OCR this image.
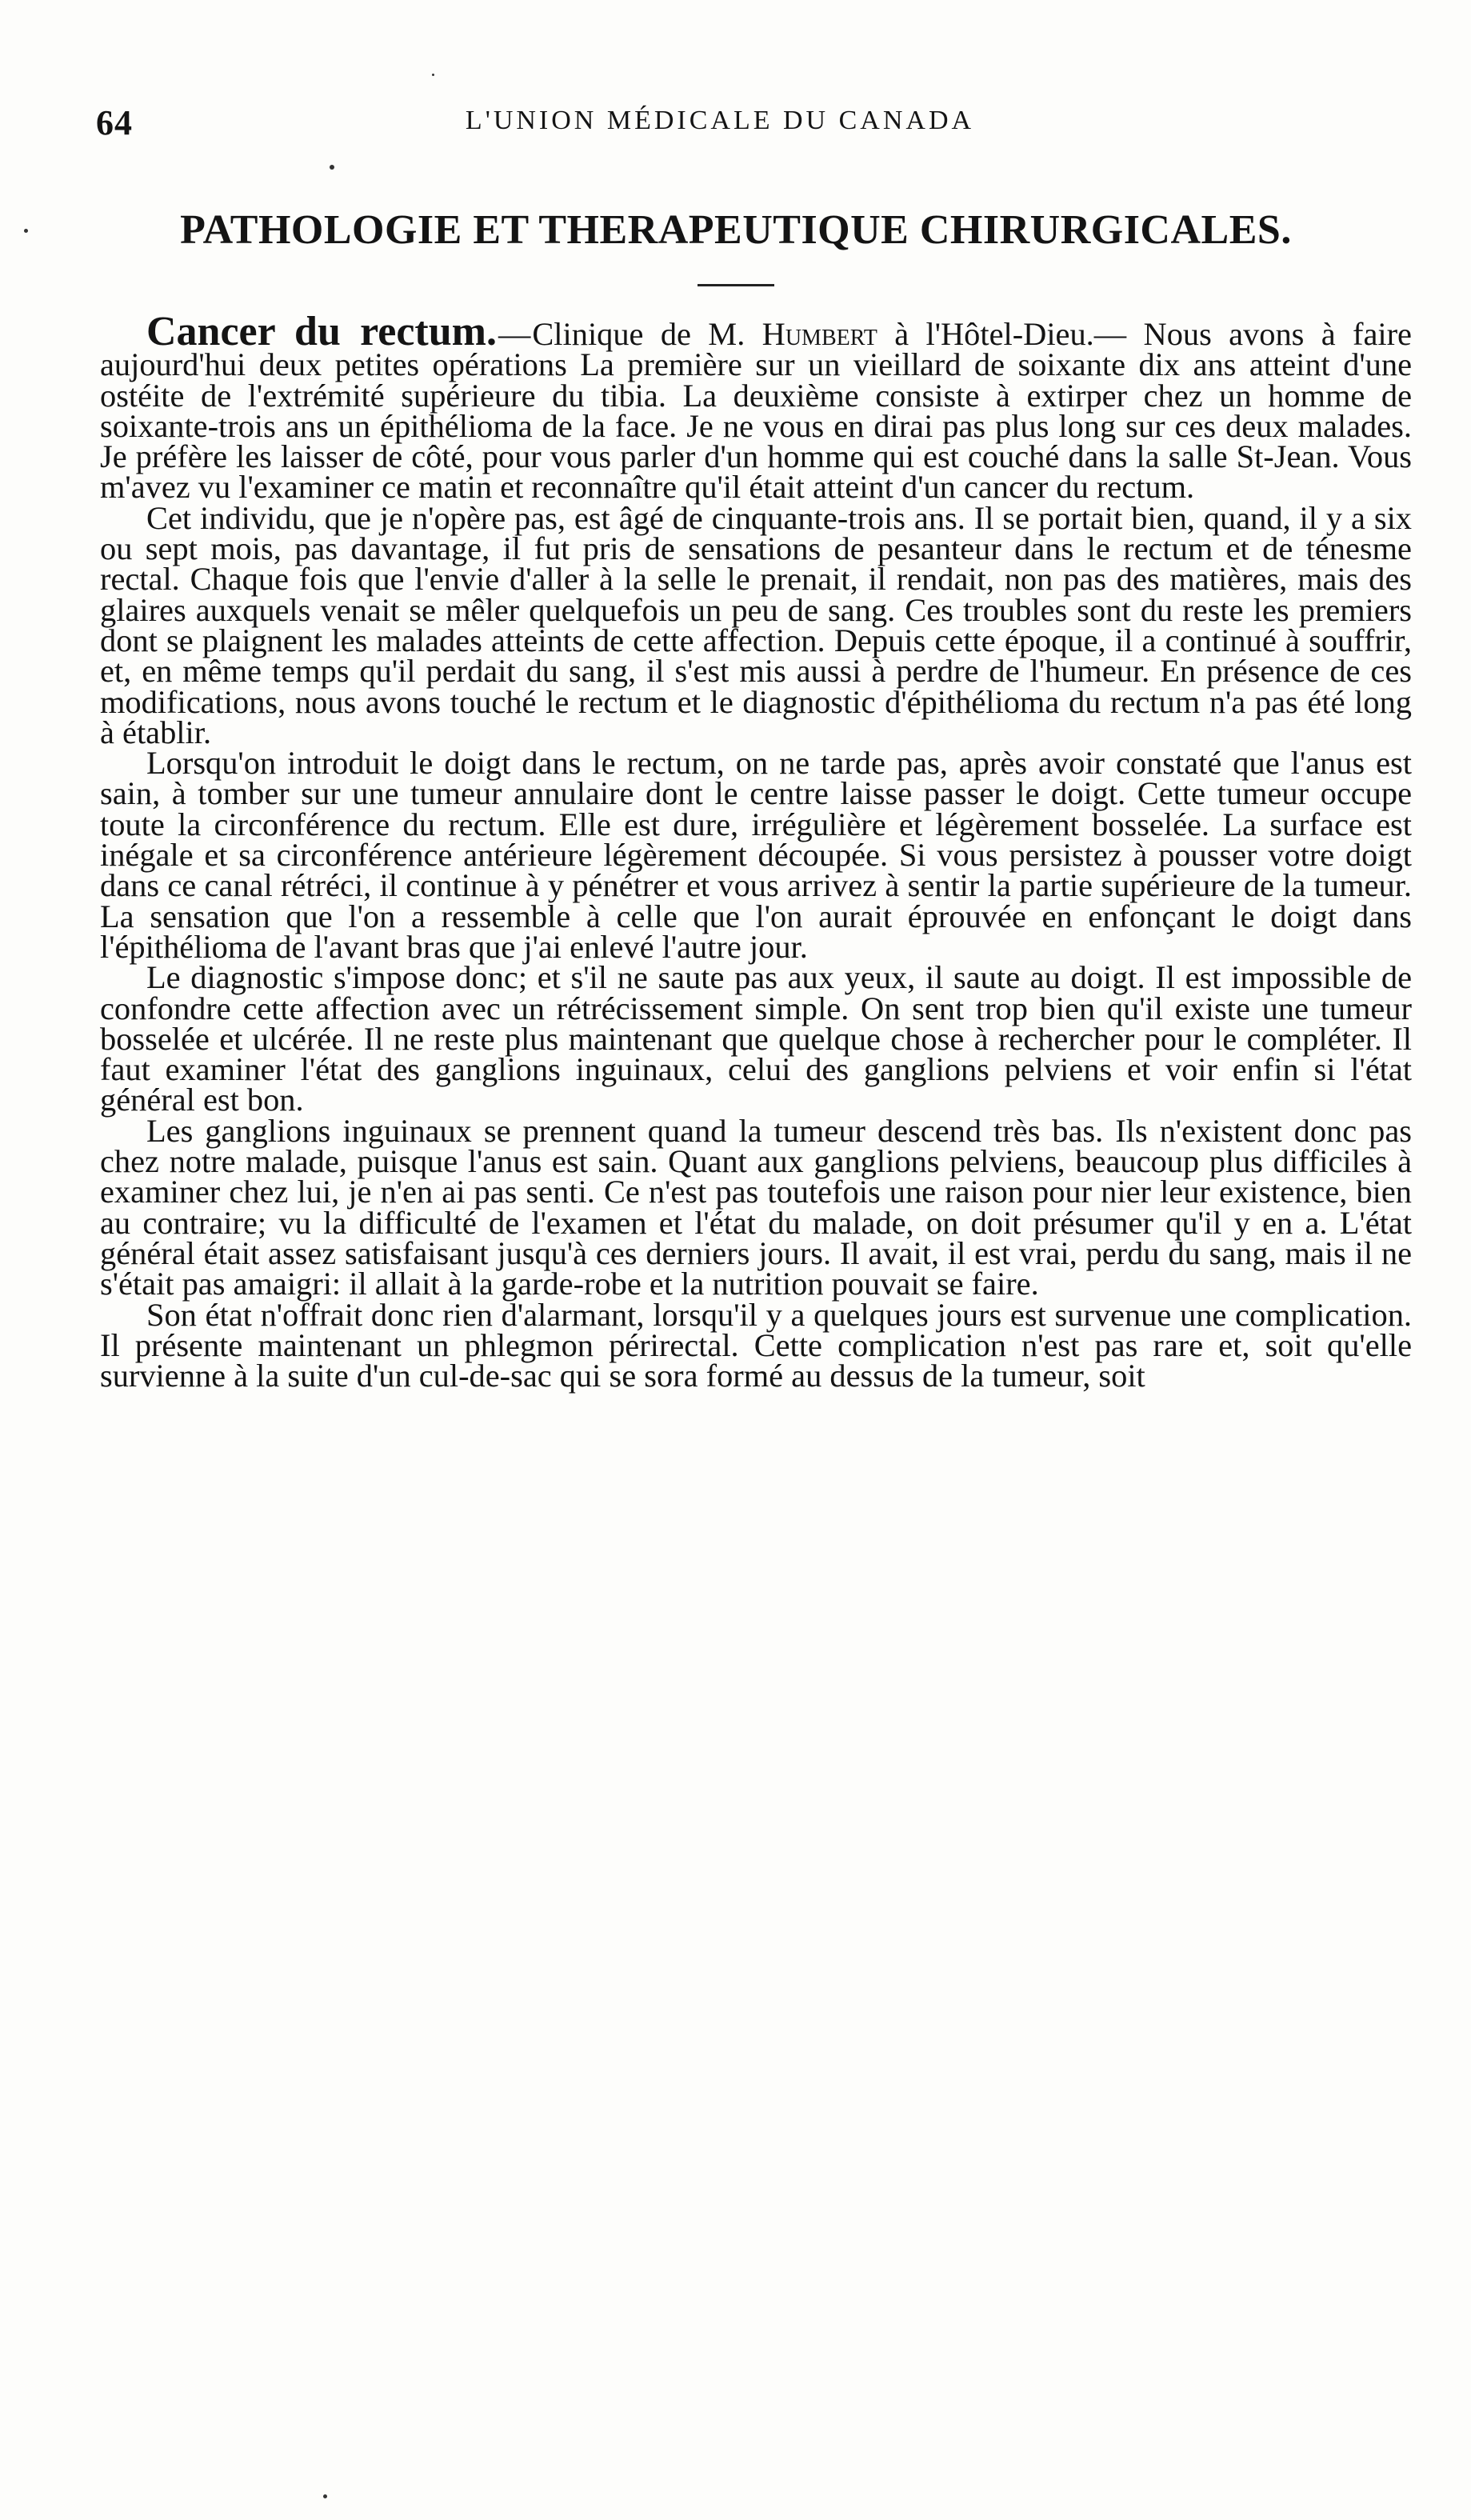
64	L'UNION MÉDICALE DU CANADA
PATHOLOGIE ET THERAPEUTIQUE CHIRURGICALES.

Cancer du rectum.—Clinique de M. Humbert à l'Hôtel-Dieu.— Nous avons à faire aujourd'hui deux petites opérations La première sur un vieillard de soixante dix ans atteint d'une ostéite de l'extrémité supérieure du tibia. La deuxième consiste à extirper chez un homme de soixante-trois ans un épithélioma de la face. Je ne vous en dirai pas plus long sur ces deux malades. Je préfère les laisser de côté, pour vous parler d'un homme qui est couché dans la salle St-Jean. Vous m'avez vu l'examiner ce matin et reconnaître qu'il était atteint d'un cancer du rectum.

Cet individu, que je n'opère pas, est âgé de cinquante-trois ans. Il se portait bien, quand, il y a six ou sept mois, pas davantage, il fut pris de sensations de pesanteur dans le rectum et de ténesme rectal. Chaque fois que l'envie d'aller à la selle le prenait, il rendait, non pas des matières, mais des glaires auxquels venait se mêler quelquefois un peu de sang. Ces troubles sont du reste les premiers dont se plaignent les malades atteints de cette affection. Depuis cette époque, il a continué à souffrir, et, en même temps qu'il perdait du sang, il s'est mis aussi à perdre de l'humeur. En présence de ces modifications, nous avons touché le rectum et le diagnostic d'épithélioma du rectum n'a pas été long à établir.

Lorsqu'on introduit le doigt dans le rectum, on ne tarde pas, après avoir constaté que l'anus est sain, à tomber sur une tumeur annulaire dont le centre laisse passer le doigt. Cette tumeur occupe toute la circonférence du rectum. Elle est dure, irrégulière et légèrement bosselée. La surface est inégale et sa circonférence antérieure légèrement découpée. Si vous persistez à pousser votre doigt dans ce canal rétréci, il continue à y pénétrer et vous arrivez à sentir la partie supérieure de la tumeur. La sensation que l'on a ressemble à celle que l'on aurait éprouvée en enfonçant le doigt dans l'épithélioma de l'avant bras que j'ai enlevé l'autre jour.

Le diagnostic s'impose donc; et s'il ne saute pas aux yeux, il saute au doigt. Il est impossible de confondre cette affection avec un rétrécissement simple. On sent trop bien qu'il existe une tumeur bosselée et ulcérée. Il ne reste plus maintenant que quelque chose à rechercher pour le compléter. Il faut examiner l'état des ganglions inguinaux, celui des ganglions pelviens et voir enfin si l'état général est bon.

Les ganglions inguinaux se prennent quand la tumeur descend très bas. Ils n'existent donc pas chez notre malade, puisque l'anus est sain. Quant aux ganglions pelviens, beaucoup plus difficiles à examiner chez lui, je n'en ai pas senti. Ce n'est pas toutefois une raison pour nier leur existence, bien au contraire; vu la difficulté de l'examen et l'état du malade, on doit présumer qu'il y en a. L'état général était assez satisfaisant jusqu'à ces derniers jours. Il avait, il est vrai, perdu du sang, mais il ne s'était pas amaigri: il allait à la garde-robe et la nutrition pouvait se faire.

Son état n'offrait donc rien d'alarmant, lorsqu'il y a quelques jours est survenue une complication. Il présente maintenant un phlegmon périrectal. Cette complication n'est pas rare et, soit qu'elle survienne à la suite d'un cul-de-sac qui se sora formé au dessus de la tumeur, soit
